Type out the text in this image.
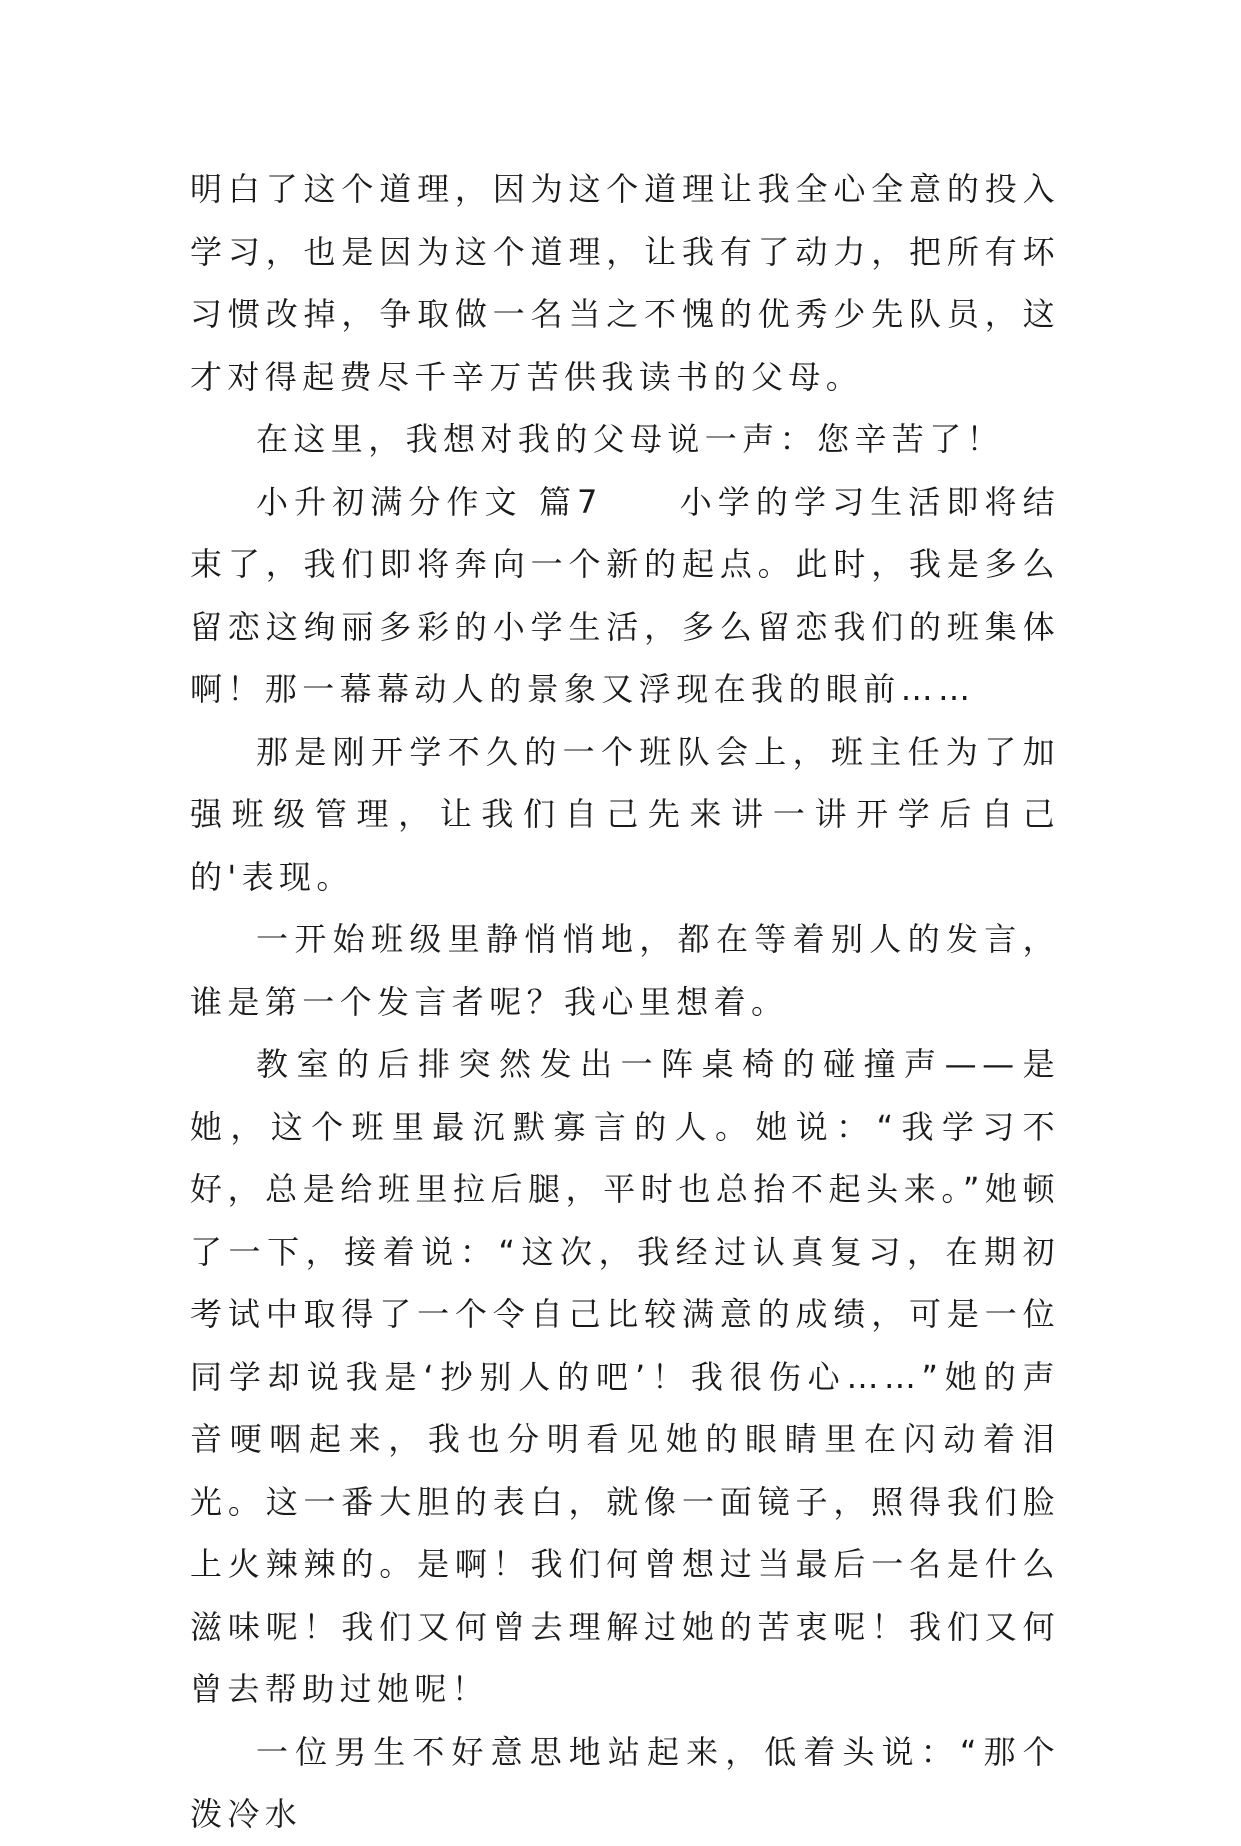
明白了这个道理，因为这个道理让我全心全意的投入学习，也是因为这个道理，让我有了动力，把所有坏习惯改掉，争取做一名当之不愧的优秀少先队员，这才对得起费尽千辛万苦供我读书的父母。

在这里，我想对我的父母说一声：您辛苦了！

小升初满分作文 篇7　　小学的学习生活即将结束了，我们即将奔向一个新的起点。此时，我是多么留恋这绚丽多彩的小学生活，多么留恋我们的班集体啊！那一幕幕动人的景象又浮现在我的眼前……

那是刚开学不久的一个班队会上，班主任为了加强班级管理，让我们自己先来讲一讲开学后自己的'表现。

一开始班级里静悄悄地，都在等着别人的发言，谁是第一个发言者呢？我心里想着。

教室的后排突然发出一阵桌椅的碰撞声——是她，这个班里最沉默寡言的人。她说：“我学习不好，总是给班里拉后腿，平时也总抬不起头来。”她顿了一下，接着说：“这次，我经过认真复习，在期初考试中取得了一个令自己比较满意的成绩，可是一位同学却说我是‘抄别人的吧’！我很伤心……”她的声音哽咽起来，我也分明看见她的眼睛里在闪动着泪光。这一番大胆的表白，就像一面镜子，照得我们脸上火辣辣的。是啊！我们何曾想过当最后一名是什么滋味呢！我们又何曾去理解过她的苦衷呢！我们又何曾去帮助过她呢！

一位男生不好意思地站起来，低着头说：“那个泼冷水
